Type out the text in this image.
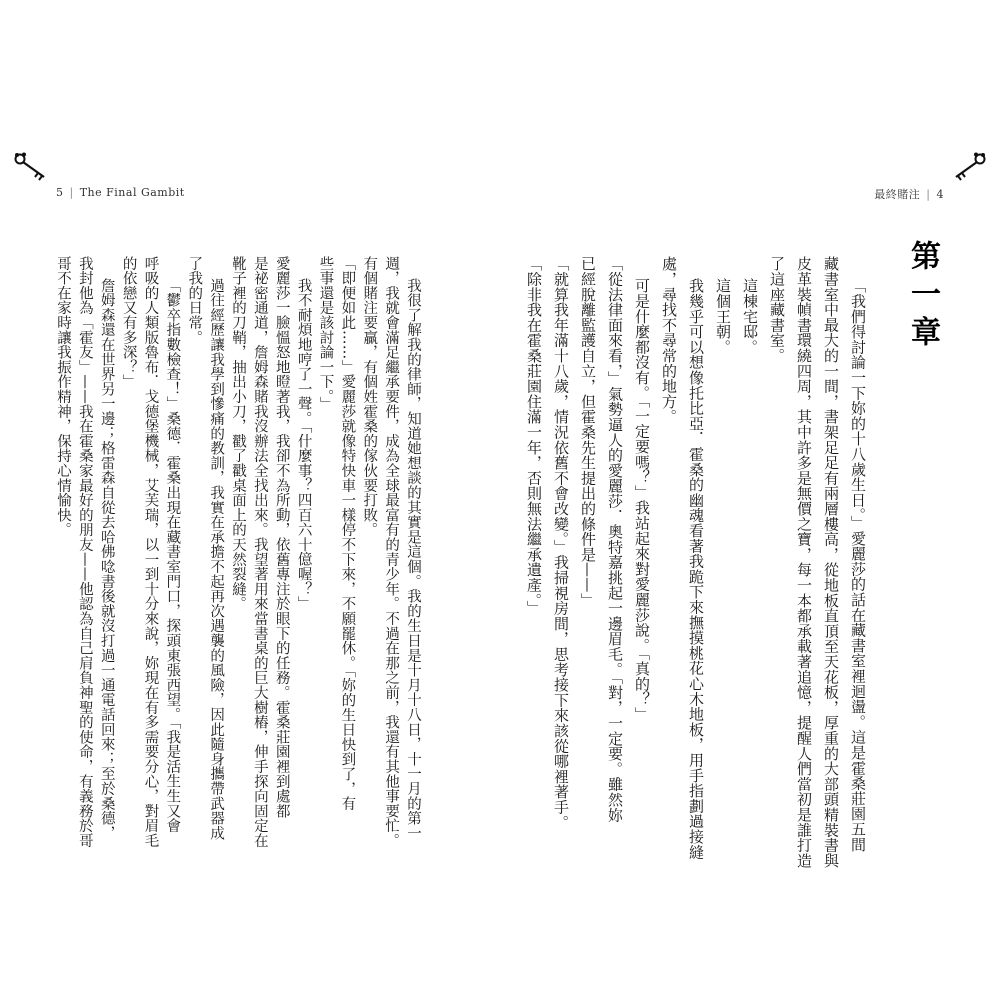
5 | The Final Gambit	最終賭注 | 4
第一章
「我們得討論一下妳的十八歲生日。」愛麗莎的話在藏書室裡迴盪。這是霍桑莊園五間
藏書室中最大的一間，書架足足有兩層樓高，從地板直頂至天花板，厚重的大部頭精裝書與
皮革裝幀書環繞四周，其中許多是無價之寶，每一本都承載著追憶，提醒人們當初是誰打造
了這座藏書室。
這棟宅邸。
這個王朝。
我幾乎可以想像托比亞．霍桑的幽魂看著我跪下來撫摸桃花心木地板，用手指劃過接縫
處，尋找不尋常的地方。
可是什麼都沒有。「一定要嗎？」我站起來對愛麗莎說。「真的？」
「從法律面來看，」氣勢逼人的愛麗莎．奧特嘉挑起一邊眉毛。「對，一定要。雖然妳
已經脫離監護自立，但霍桑先生提出的條件是——」
「就算我年滿十八歲，情況依舊不會改變。」我掃視房間，思考接下來該從哪裡著手。
「除非我在霍桑莊園住滿一年，否則無法繼承遺產。」
我很了解我的律師，知道她想談的其實是這個。我的生日是十月十八日，十一月的第一
週，我就會滿足繼承要件，成為全球最富有的青少年。不過在那之前，我還有其他事要忙。
有個賭注要贏，有個姓霍桑的傢伙要打敗。
「即便如此……」愛麗莎就像特快車一樣停不下來，不願罷休。「妳的生日快到了，有
些事還是該討論一下。」
我不耐煩地哼了一聲。「什麼事？四百六十億喔？」
愛麗莎一臉慍怒地瞪著我，我卻不為所動，依舊專注於眼下的任務。霍桑莊園裡到處都
是祕密通道，詹姆森賭我沒辦法全找出來。我望著用來當書桌的巨大樹樁，伸手探向固定在
靴子裡的刀鞘，抽出小刀，戳了戳桌面上的天然裂縫。
過往經歷讓我學到慘痛的教訓，我實在承擔不起再次遇襲的風險，因此隨身攜帶武器成
了我的日常。
「鬱卒指數檢查！」桑德．霍桑出現在藏書室門口，探頭東張西望。「我是活生生又會
呼吸的人類版魯布．戈德堡機械，艾芙瑞，以一到十分來說，妳現在有多需要分心，對眉毛
的依戀又有多深？」
詹姆森還在世界另一邊；格雷森自從去哈佛唸書後就沒打過一通電話回來；至於桑德，
我封他為「霍友」——我在霍桑家最好的朋友——他認為自己肩負神聖的使命，有義務於哥
哥不在家時讓我振作精神，保持心情愉快。
